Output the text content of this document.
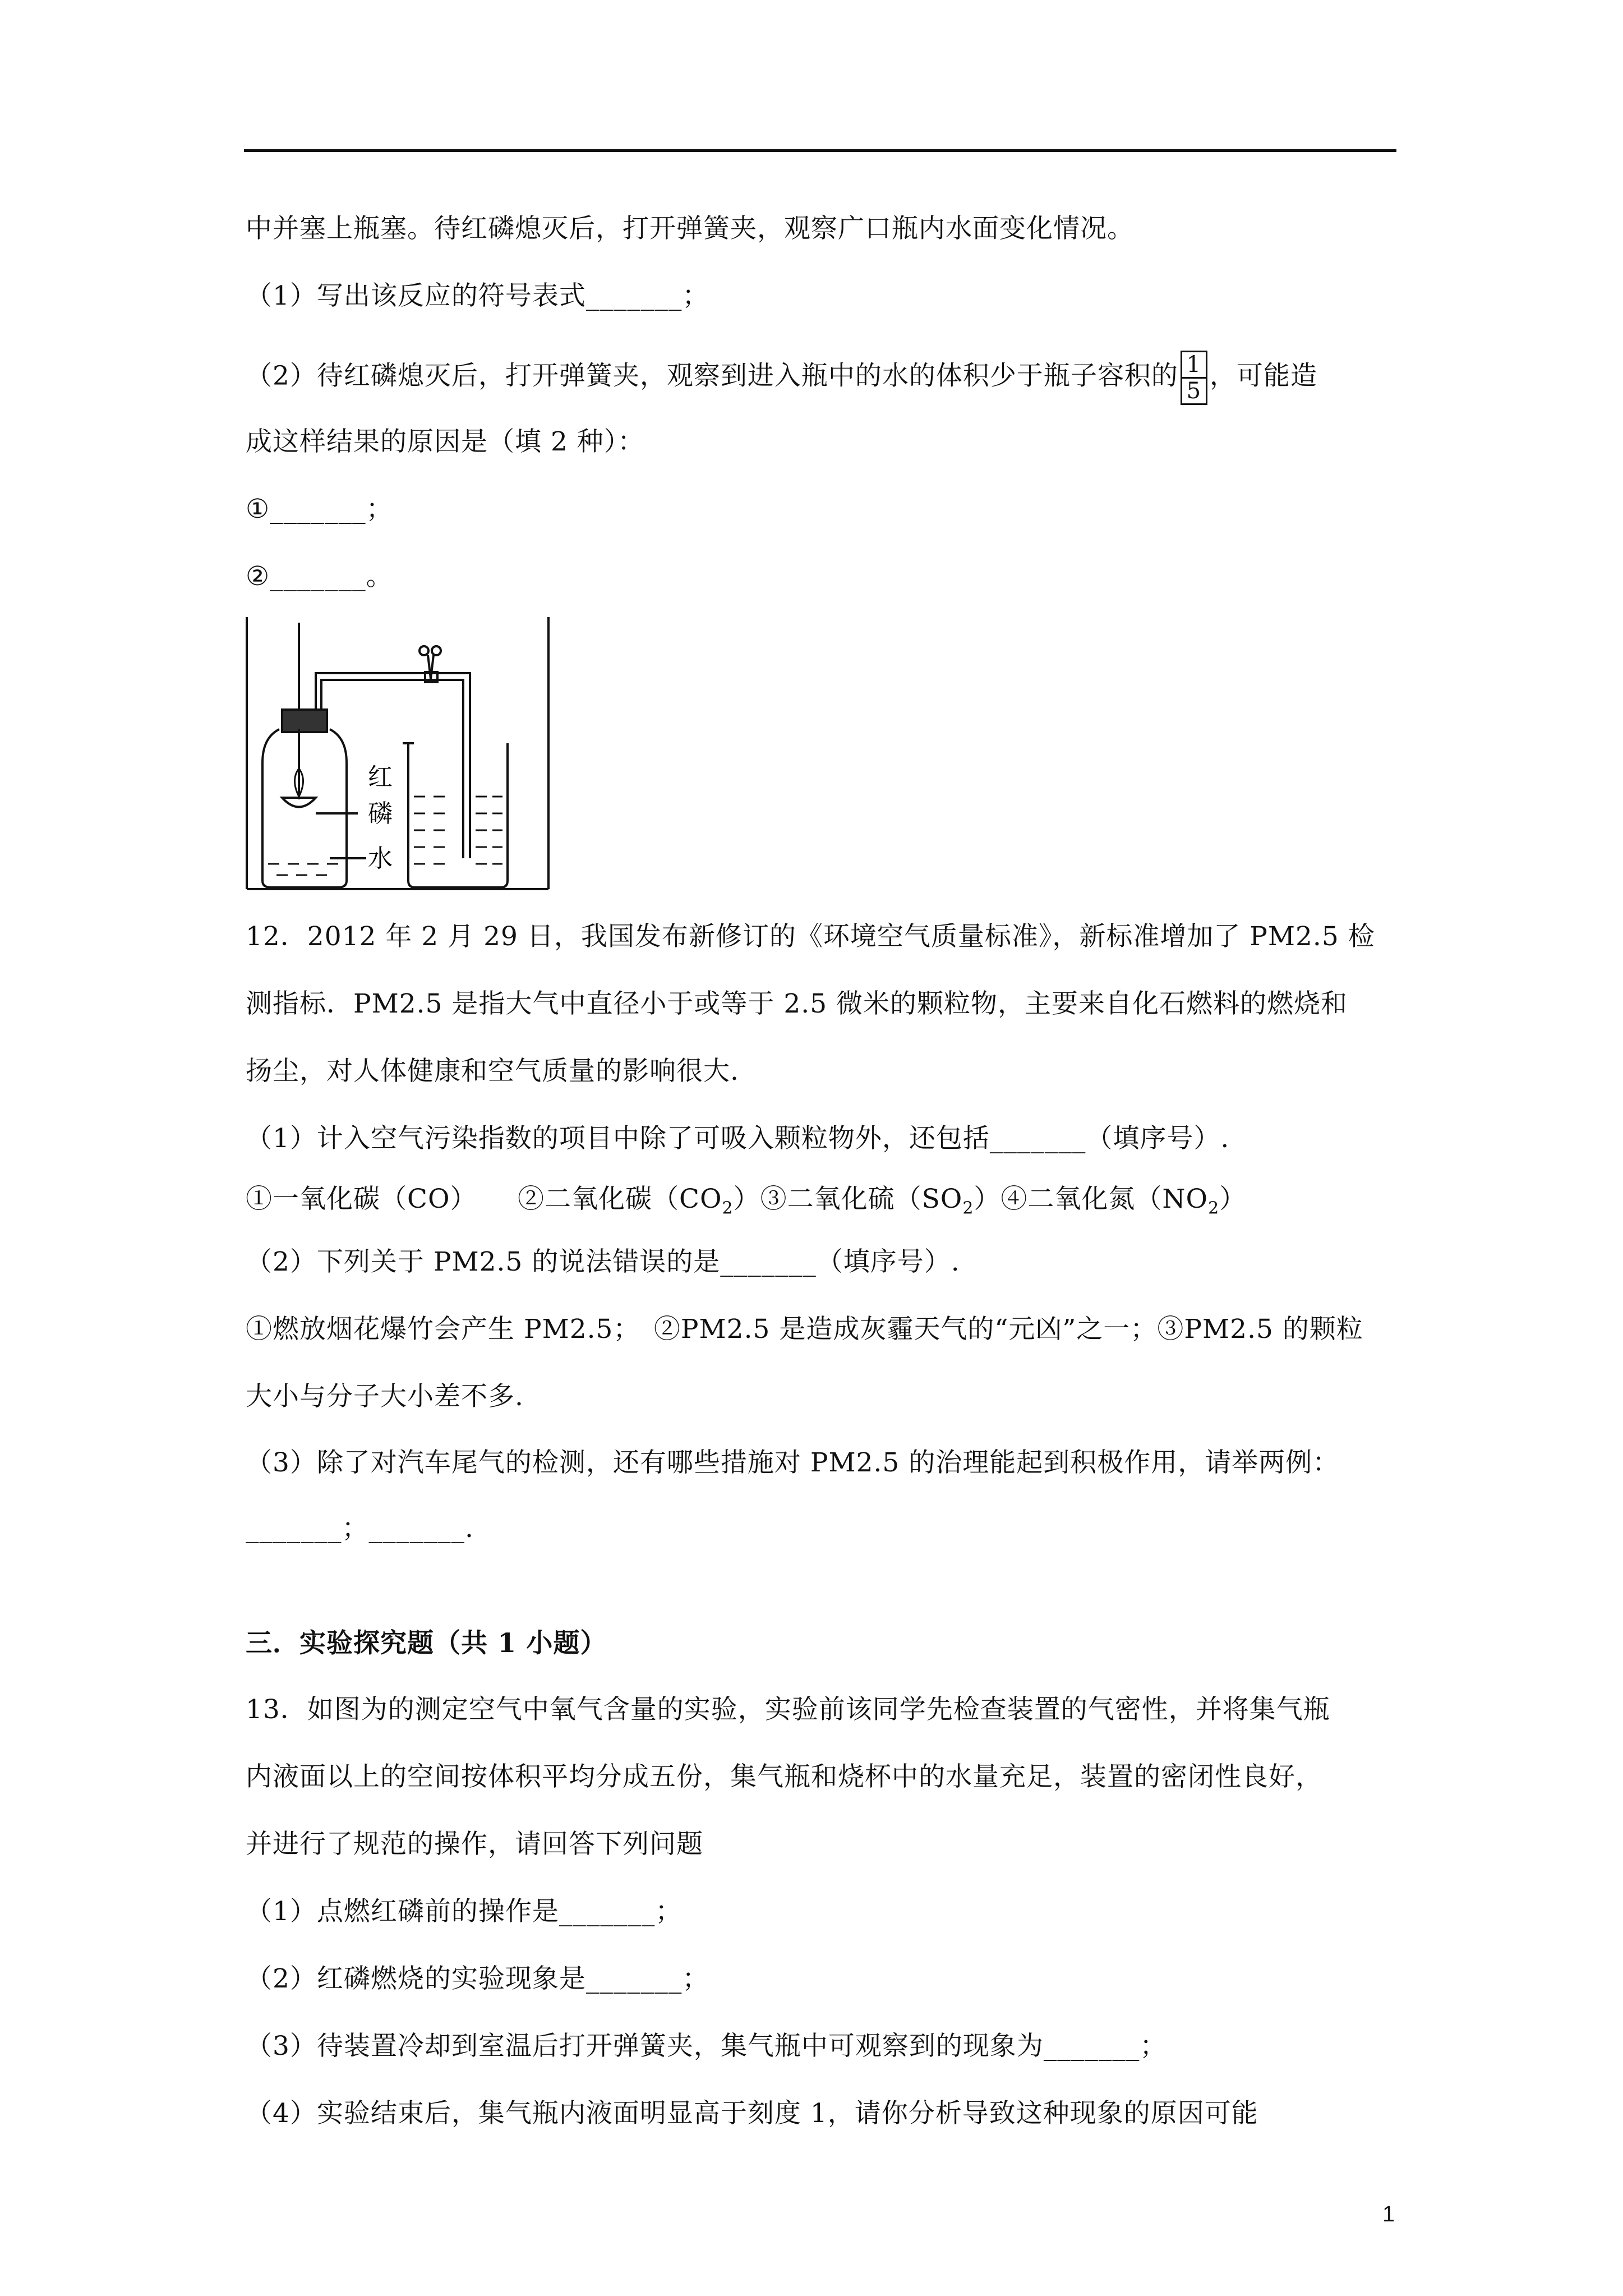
中并塞上瓶塞。待红磷熄灭后，打开弹簧夹，观察广口瓶内水面变化情况。
（1）写出该反应的符号表式_______；
（2）待红磷熄灭后，打开弹簧夹，观察到进入瓶中的水的体积少于瓶子容积的 $\frac{1}{5}$ ，可能造
成这样结果的原因是（填 2 种）：
①_______；
②_______。
红
磷
水
12．2012 年 2 月 29 日，我国发布新修订的《环境空气质量标准》，新标准增加了 PM2.5 检
测指标．PM2.5 是指大气中直径小于或等于 2.5 微米的颗粒物，主要来自化石燃料的燃烧和
扬尘，对人体健康和空气质量的影响很大.
（1）计入空气污染指数的项目中除了可吸入颗粒物外，还包括_______（填序号）.
①一氧化碳（CO）　　②二氧化碳$(CO_2)③$二氧化硫$(SO_2)④$二氧化氮$(NO_2)$
（2）下列关于 PM2.5 的说法错误的是_______（填序号）.
①燃放烟花爆竹会产生 PM2.5；　②PM2.5 是造成灰霾天气的“元凶”之一；③PM2.5 的颗粒
大小与分子大小差不多.
（3）除了对汽车尾气的检测，还有哪些措施对 PM2.5 的治理能起到积极作用，请举两例：
_______；_______.
三．实验探究题（共 1 小题）
13．如图为的测定空气中氧气含量的实验，实验前该同学先检查装置的气密性，并将集气瓶
内液面以上的空间按体积平均分成五份，集气瓶和烧杯中的水量充足，装置的密闭性良好，
并进行了规范的操作，请回答下列问题
（1）点燃红磷前的操作是_______；
（2）红磷燃烧的实验现象是_______；
（3）待装置冷却到室温后打开弹簧夹，集气瓶中可观察到的现象为_______；
（4）实验结束后，集气瓶内液面明显高于刻度 1，请你分析导致这种现象的原因可能
1
